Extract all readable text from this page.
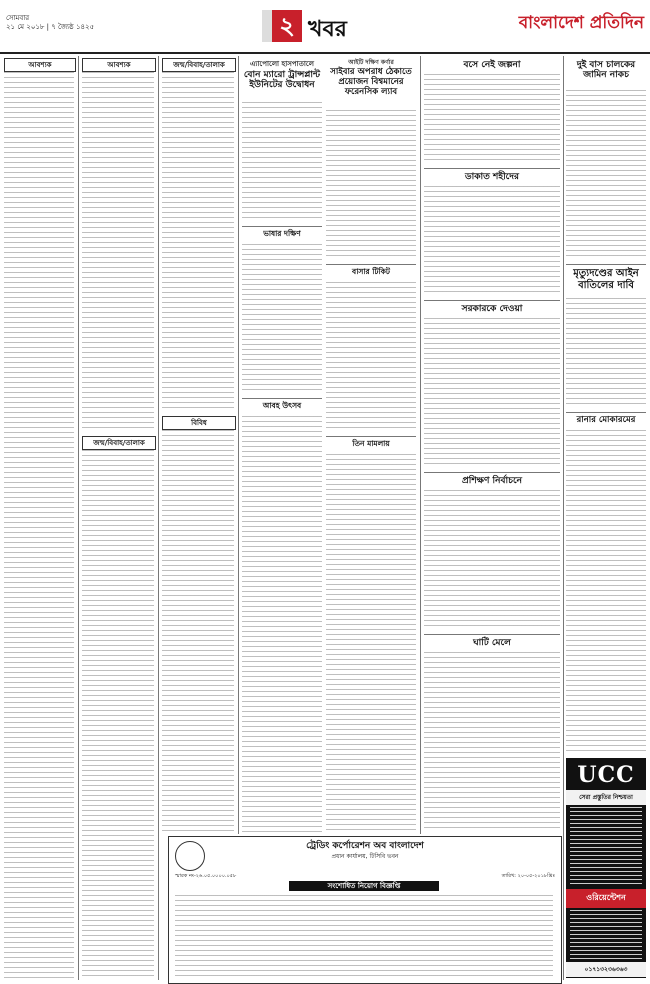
সোমবার
২১ মে ২০১৮ | ৭ জ্যৈষ্ঠ ১৪২৫	২ খবর	বাংলাদেশ প্রতিদিন
আবশ্যক	আবশ্যক
জন্ম/বিবাহ/তালাক
জন্ম/বিবাহ/তালাক
বিবিধ
এ্যাপোলো হাসপাতালে
বোন ম্যারো ট্রান্সপ্লান্ট ইউনিটের উদ্বোধন
আইটি দক্ষিণ কর্ণার
সাইবার অপরাধ ঠেকাতে প্রয়োজন বিশ্বমানের ফরেনসিক ল্যাব
ভাষার দক্ষিণ
বাসার টিকিট
আবহ উৎসব
তিন মামলায়
বসে নেই জল্পনা
ডাকাত শহীদের
সরকারকে দেওয়া
প্রশিক্ষণ নির্বাচনে
ঘাটি মেলে
দুই বাস চালকের জামিন নাকচ
মৃত্যুদণ্ডের আইন বাতিলের দাবি
রানার মোকারমের
UCC
সেরা প্রস্তুতির নিশ্চয়তা
ওরিয়েন্টেশন
০১৭১৩২৩৬৩৬৩
ট্রেডিং কর্পোরেশন অব বাংলাদেশ
প্রধান কার্যালয়, টিসিবি ভবন
স্মারক নং-২৬.০৫.০০০০.০৫৮	তারিখ: ২০-০৫-২০১৮খ্রিঃ
সংশোধিত নিয়োগ বিজ্ঞপ্তি
